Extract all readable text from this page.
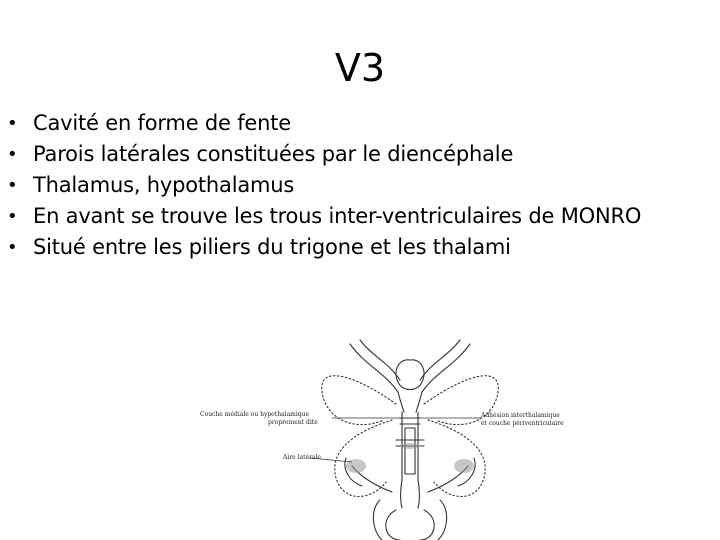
V3
• Cavité en forme de fente
• Parois latérales constituées par le diencéphale
• Thalamus, hypothalamus
• En avant se trouve les trous inter-ventriculaires de MONRO
• Situé entre les piliers du trigone et les thalami
Couche médiale ou hypothalamique
proprement dite
Aire latérale
Adhésion interthalamique
et couche périventriculaire
